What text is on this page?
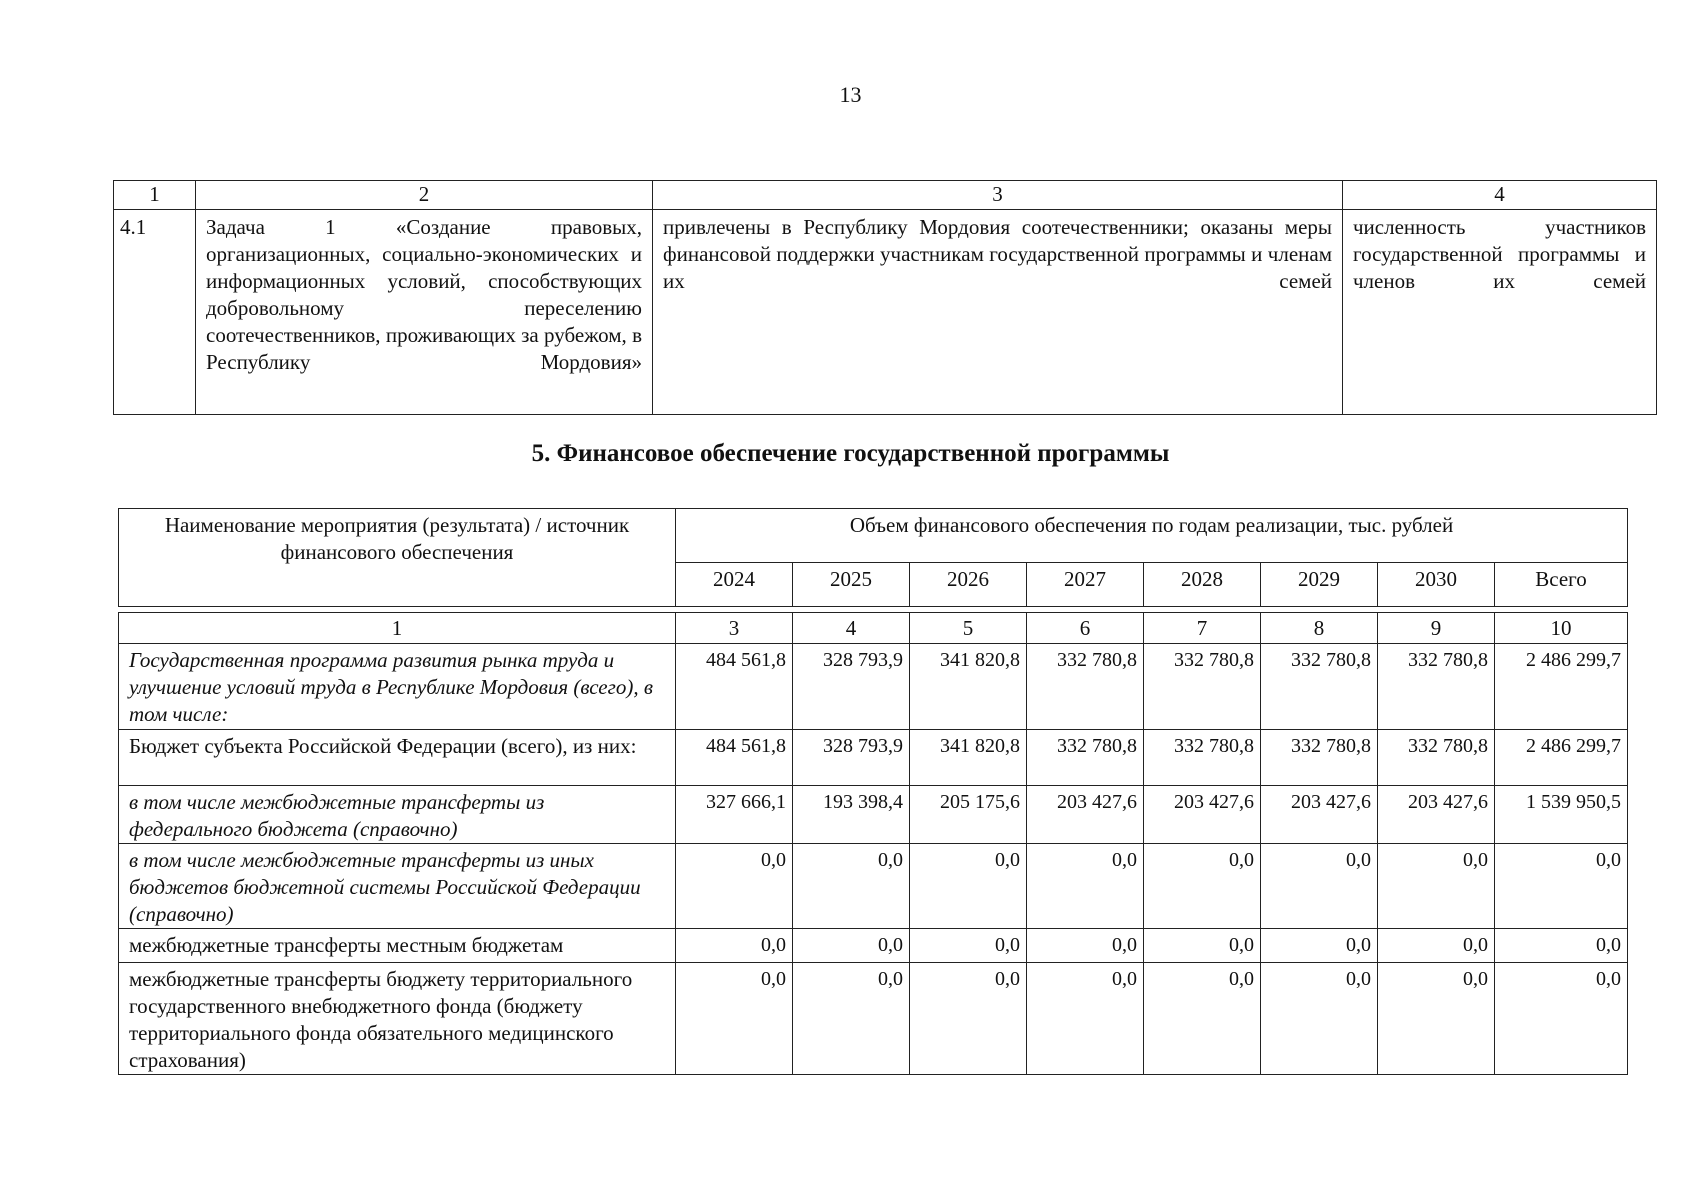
13
1	2	3	4
4.1	Задача 1 «Создание правовых, организационных, социально-экономических и информационных условий, способствующих добровольному переселению соотечественников, проживающих за рубежом, в Республику Мордовия»	привлечены в Республику Мордовия соотечественники; оказаны меры финансовой поддержки участникам государственной программы и членам их семей	численность участников государственной программы и членов их семей
5. Финансовое обеспечение государственной программы
Наименование мероприятия (результата) / источник финансового обеспечения	Объем финансового обеспечения по годам реализации, тыс. рублей							
	2024	2025	2026	2027	2028	2029	2030	Всего

1	3	4	5	6	7	8	9	10
Государственная программа развития рынка труда и улучшение условий труда в Республике Мордовия (всего), в том числе:	484 561,8	328 793,9	341 820,8	332 780,8	332 780,8	332 780,8	332 780,8	2 486 299,7
Бюджет субъекта Российской Федерации (всего), из них:	484 561,8	328 793,9	341 820,8	332 780,8	332 780,8	332 780,8	332 780,8	2 486 299,7
в том числе межбюджетные трансферты из федерального бюджета (справочно)	327 666,1	193 398,4	205 175,6	203 427,6	203 427,6	203 427,6	203 427,6	1 539 950,5
в том числе межбюджетные трансферты из иных бюджетов бюджетной системы Российской Федерации (справочно)	0,0	0,0	0,0	0,0	0,0	0,0	0,0	0,0
межбюджетные трансферты местным бюджетам	0,0	0,0	0,0	0,0	0,0	0,0	0,0	0,0
межбюджетные трансферты бюджету территориального государственного внебюджетного фонда (бюджету территориального фонда обязательного медицинского страхования)	0,0	0,0	0,0	0,0	0,0	0,0	0,0	0,0
